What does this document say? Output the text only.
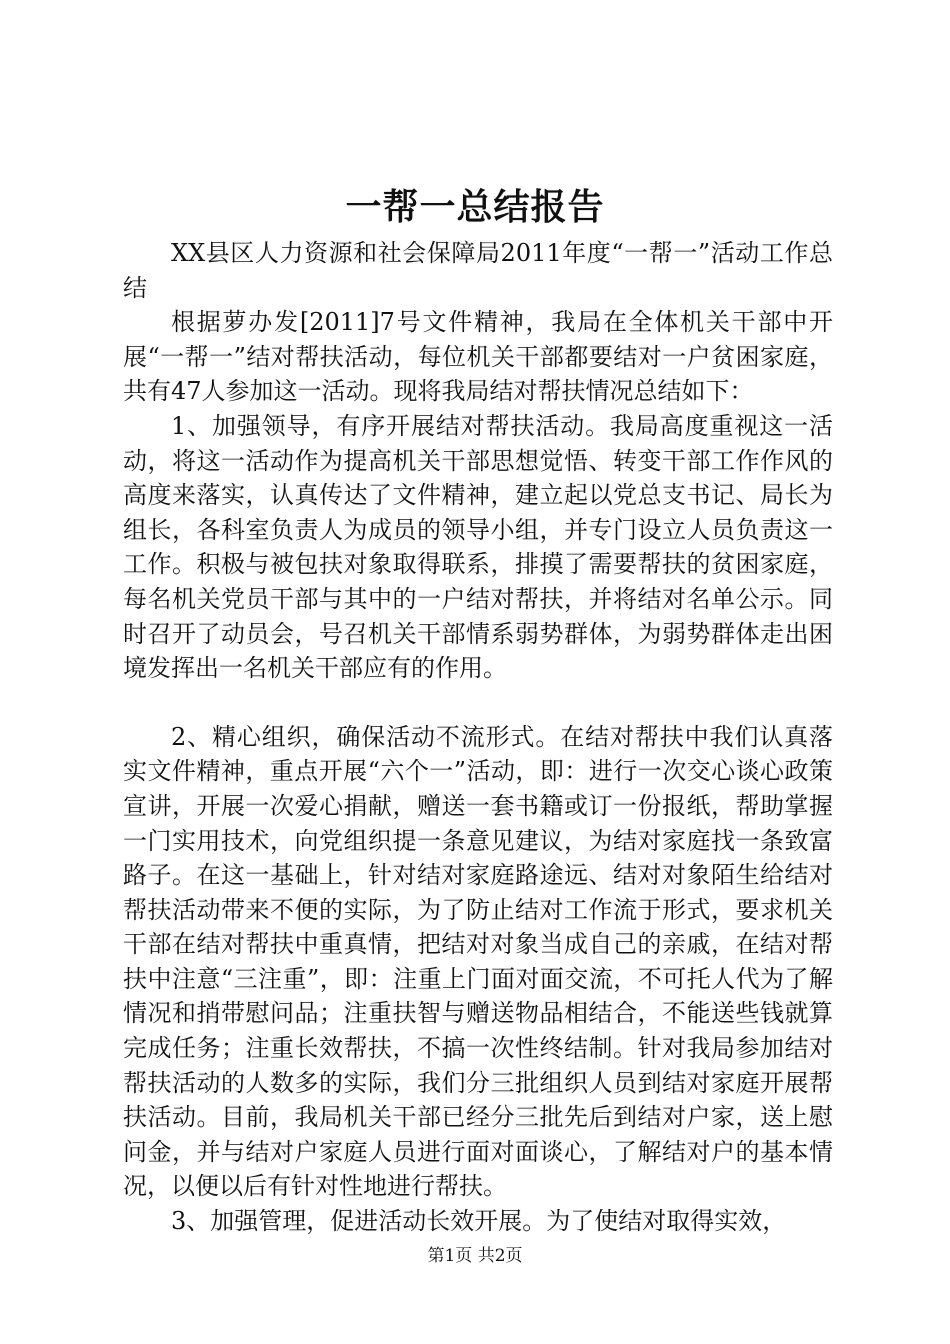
一帮一总结报告

XX县区人力资源和社会保障局2011年度“一帮一”活动工作总结

根据萝办发[2011]7号文件精神，我局在全体机关干部中开展“一帮一”结对帮扶活动，每位机关干部都要结对一户贫困家庭，共有47人参加这一活动。现将我局结对帮扶情况总结如下：

1、加强领导，有序开展结对帮扶活动。我局高度重视这一活动，将这一活动作为提高机关干部思想觉悟、转变干部工作作风的高度来落实，认真传达了文件精神，建立起以党总支书记、局长为组长，各科室负责人为成员的领导小组，并专门设立人员负责这一工作。积极与被包扶对象取得联系，排摸了需要帮扶的贫困家庭，每名机关党员干部与其中的一户结对帮扶，并将结对名单公示。同时召开了动员会，号召机关干部情系弱势群体，为弱势群体走出困境发挥出一名机关干部应有的作用。

2、精心组织，确保活动不流形式。在结对帮扶中我们认真落实文件精神，重点开展“六个一”活动，即：进行一次交心谈心政策宣讲，开展一次爱心捐献，赠送一套书籍或订一份报纸，帮助掌握一门实用技术，向党组织提一条意见建议，为结对家庭找一条致富路子。在这一基础上，针对结对家庭路途远、结对对象陌生给结对帮扶活动带来不便的实际，为了防止结对工作流于形式，要求机关干部在结对帮扶中重真情，把结对对象当成自己的亲戚，在结对帮扶中注意“三注重”，即：注重上门面对面交流，不可托人代为了解情况和捎带慰问品；注重扶智与赠送物品相结合，不能送些钱就算完成任务；注重长效帮扶，不搞一次性终结制。针对我局参加结对帮扶活动的人数多的实际，我们分三批组织人员到结对家庭开展帮扶活动。目前，我局机关干部已经分三批先后到结对户家，送上慰问金，并与结对户家庭人员进行面对面谈心，了解结对户的基本情况，以便以后有针对性地进行帮扶。

3、加强管理，促进活动长效开展。为了使结对取得实效，

第1页 共2页
